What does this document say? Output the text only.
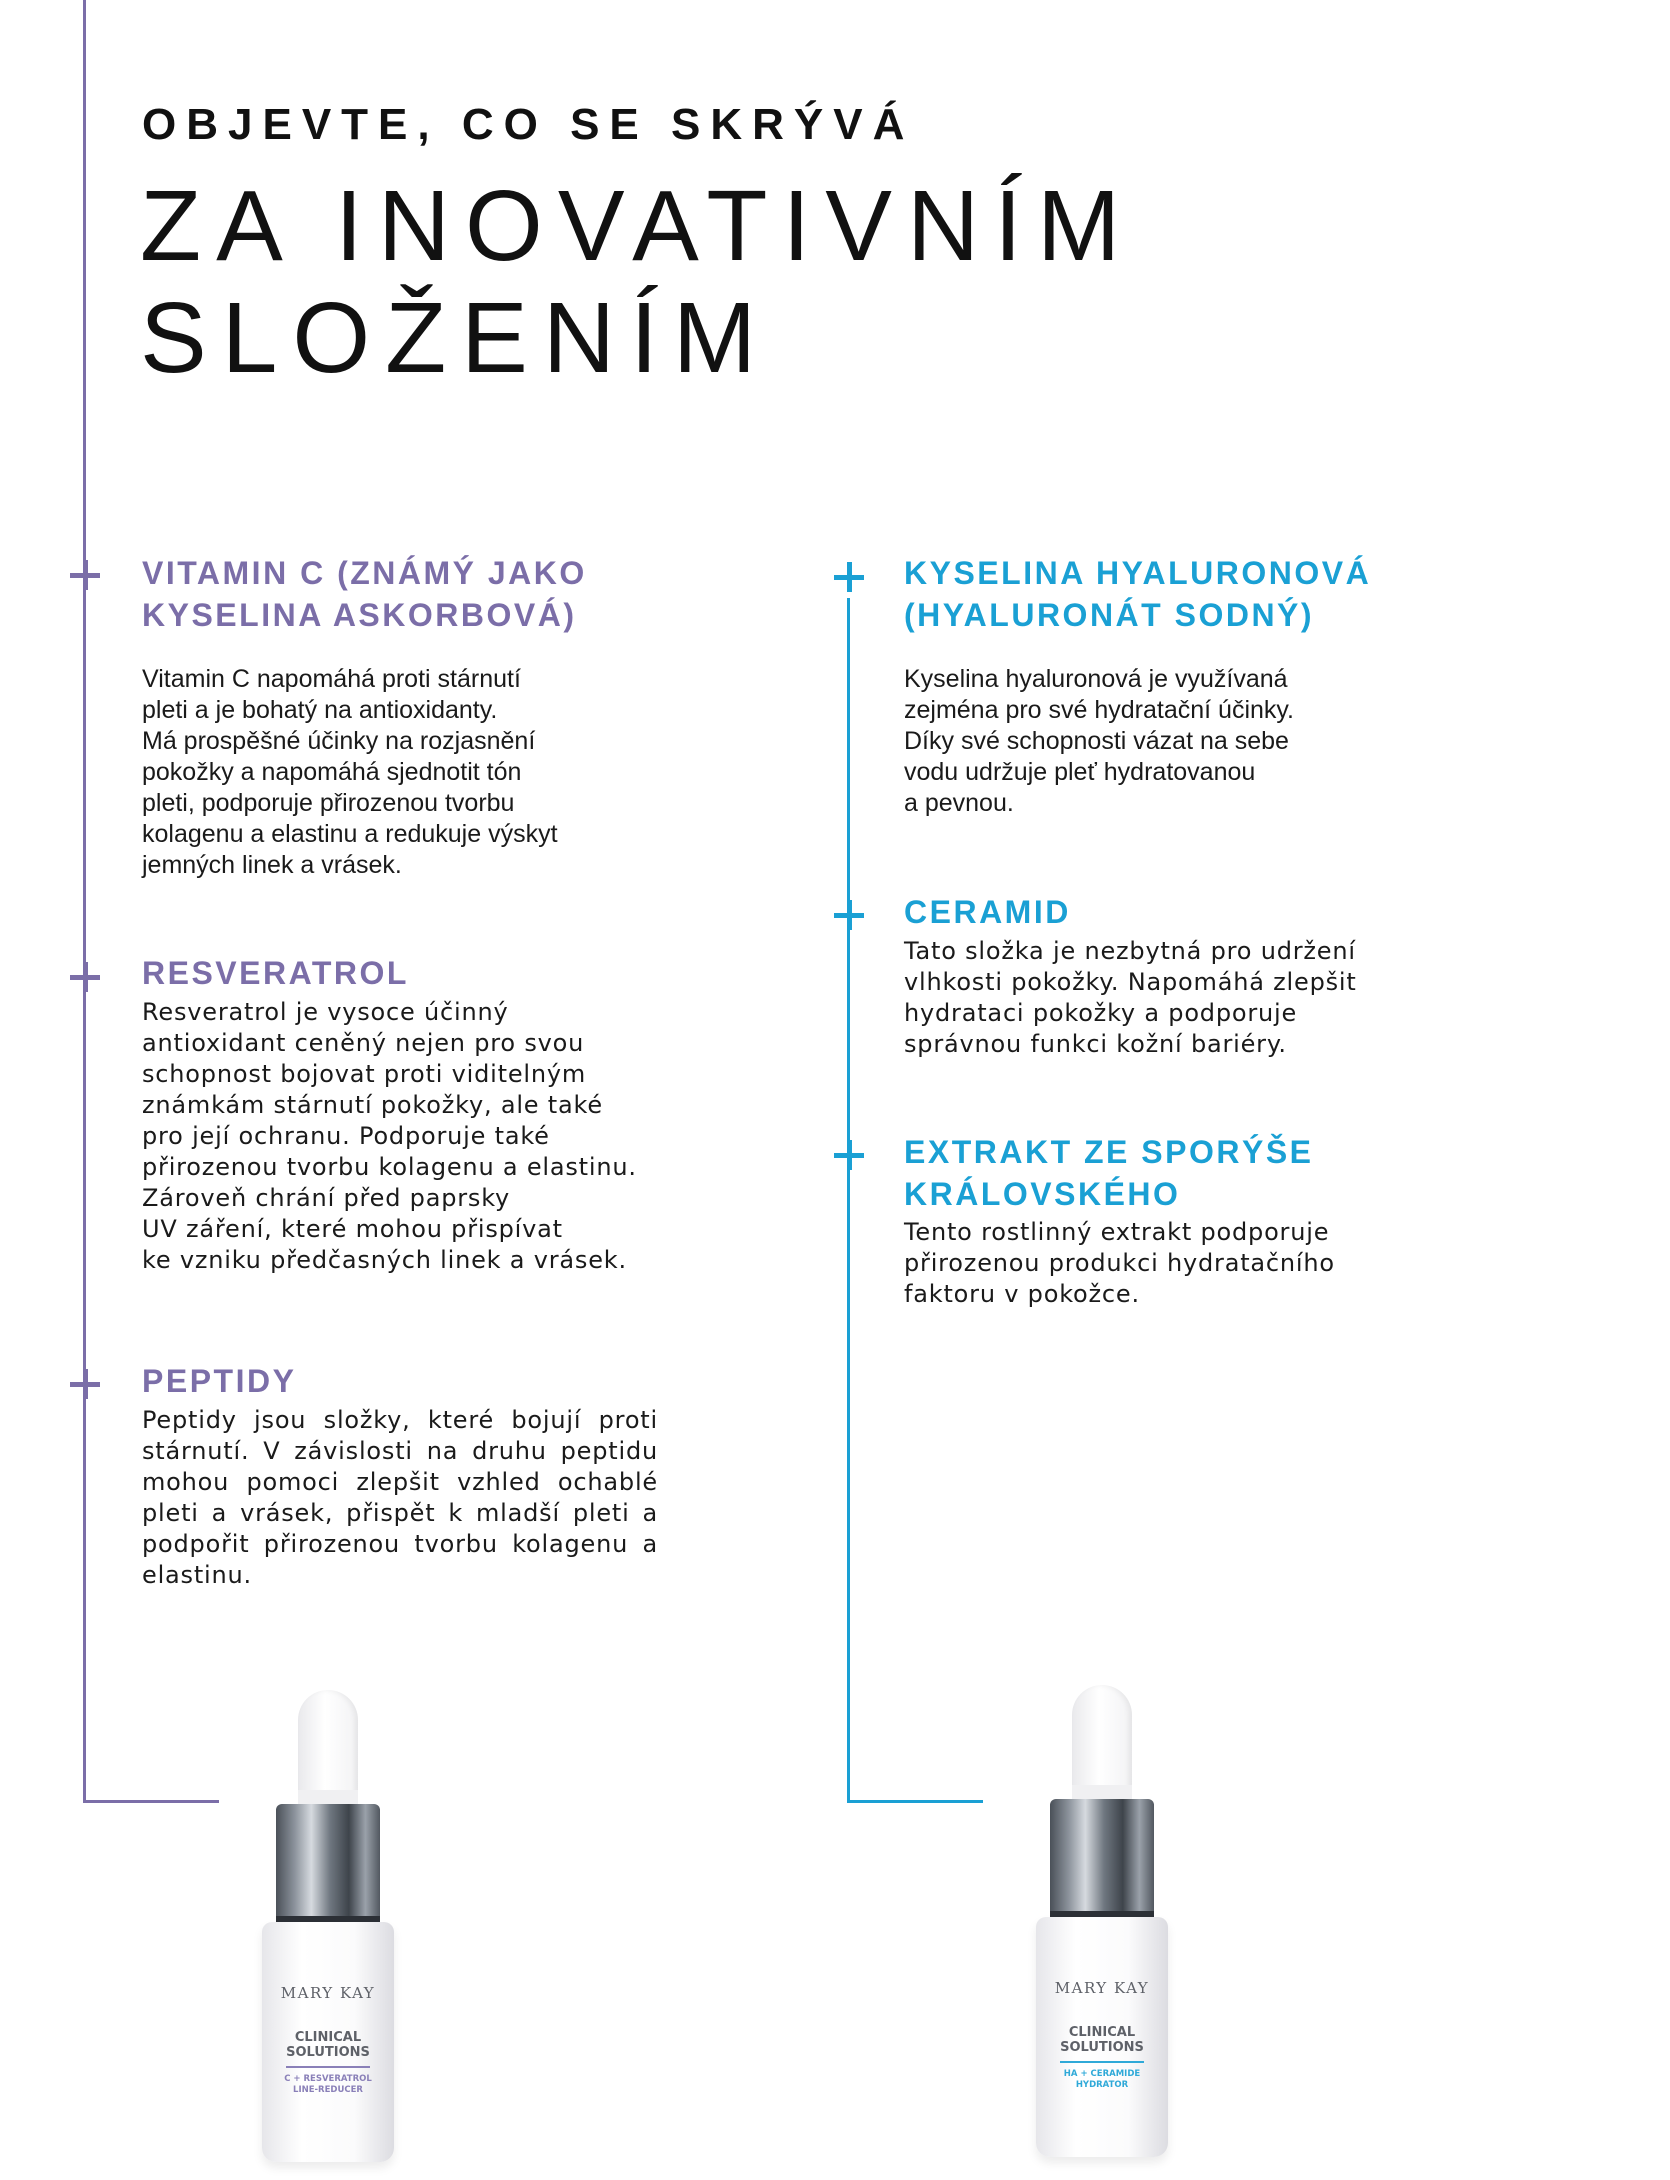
OBJEVTE, CO SE SKRÝVÁ
ZA INOVATIVNÍM
SLOŽENÍM
VITAMIN C (ZNÁMÝ JAKO
KYSELINA ASKORBOVÁ)
Vitamin C napomáhá proti stárnutí
pleti a je bohatý na antioxidanty.
Má prospěšné účinky na rozjasnění
pokožky a napomáhá sjednotit tón
pleti, podporuje přirozenou tvorbu
kolagenu a elastinu a redukuje výskyt
jemných linek a vrásek.
RESVERATROL
Resveratrol je vysoce účinný
antioxidant ceněný nejen pro svou
schopnost bojovat proti viditelným
známkám stárnutí pokožky, ale také
pro její ochranu. Podporuje také
přirozenou tvorbu kolagenu a elastinu.
Zároveň chrání před paprsky
UV záření, které mohou přispívat
ke vzniku předčasných linek a vrásek.
PEPTIDY
Peptidy jsou složky, které bojují proti stárnutí. V závislosti na druhu peptidu mohou pomoci zlepšit vzhled ochablé pleti a vrásek, přispět k mladší pleti a podpořit přirozenou tvorbu kolagenu a elastinu.
KYSELINA HYALURONOVÁ
(HYALURONÁT SODNÝ)
Kyselina hyaluronová je využívaná
zejména pro své hydratační účinky.
Díky své schopnosti vázat na sebe
vodu udržuje pleť hydratovanou
a pevnou.
CERAMID
Tato složka je nezbytná pro udržení
vlhkosti pokožky. Napomáhá zlepšit
hydrataci pokožky a podporuje
správnou funkci kožní bariéry.
EXTRAKT ZE SPORÝŠE
KRÁLOVSKÉHO
Tento rostlinný extrakt podporuje
přirozenou produkci hydratačního
faktoru v pokožce.
MARY KAY
CLINICAL
SOLUTIONS
C + RESVERATROL
LINE-REDUCER
MARY KAY
CLINICAL
SOLUTIONS
HA + CERAMIDE
HYDRATOR
